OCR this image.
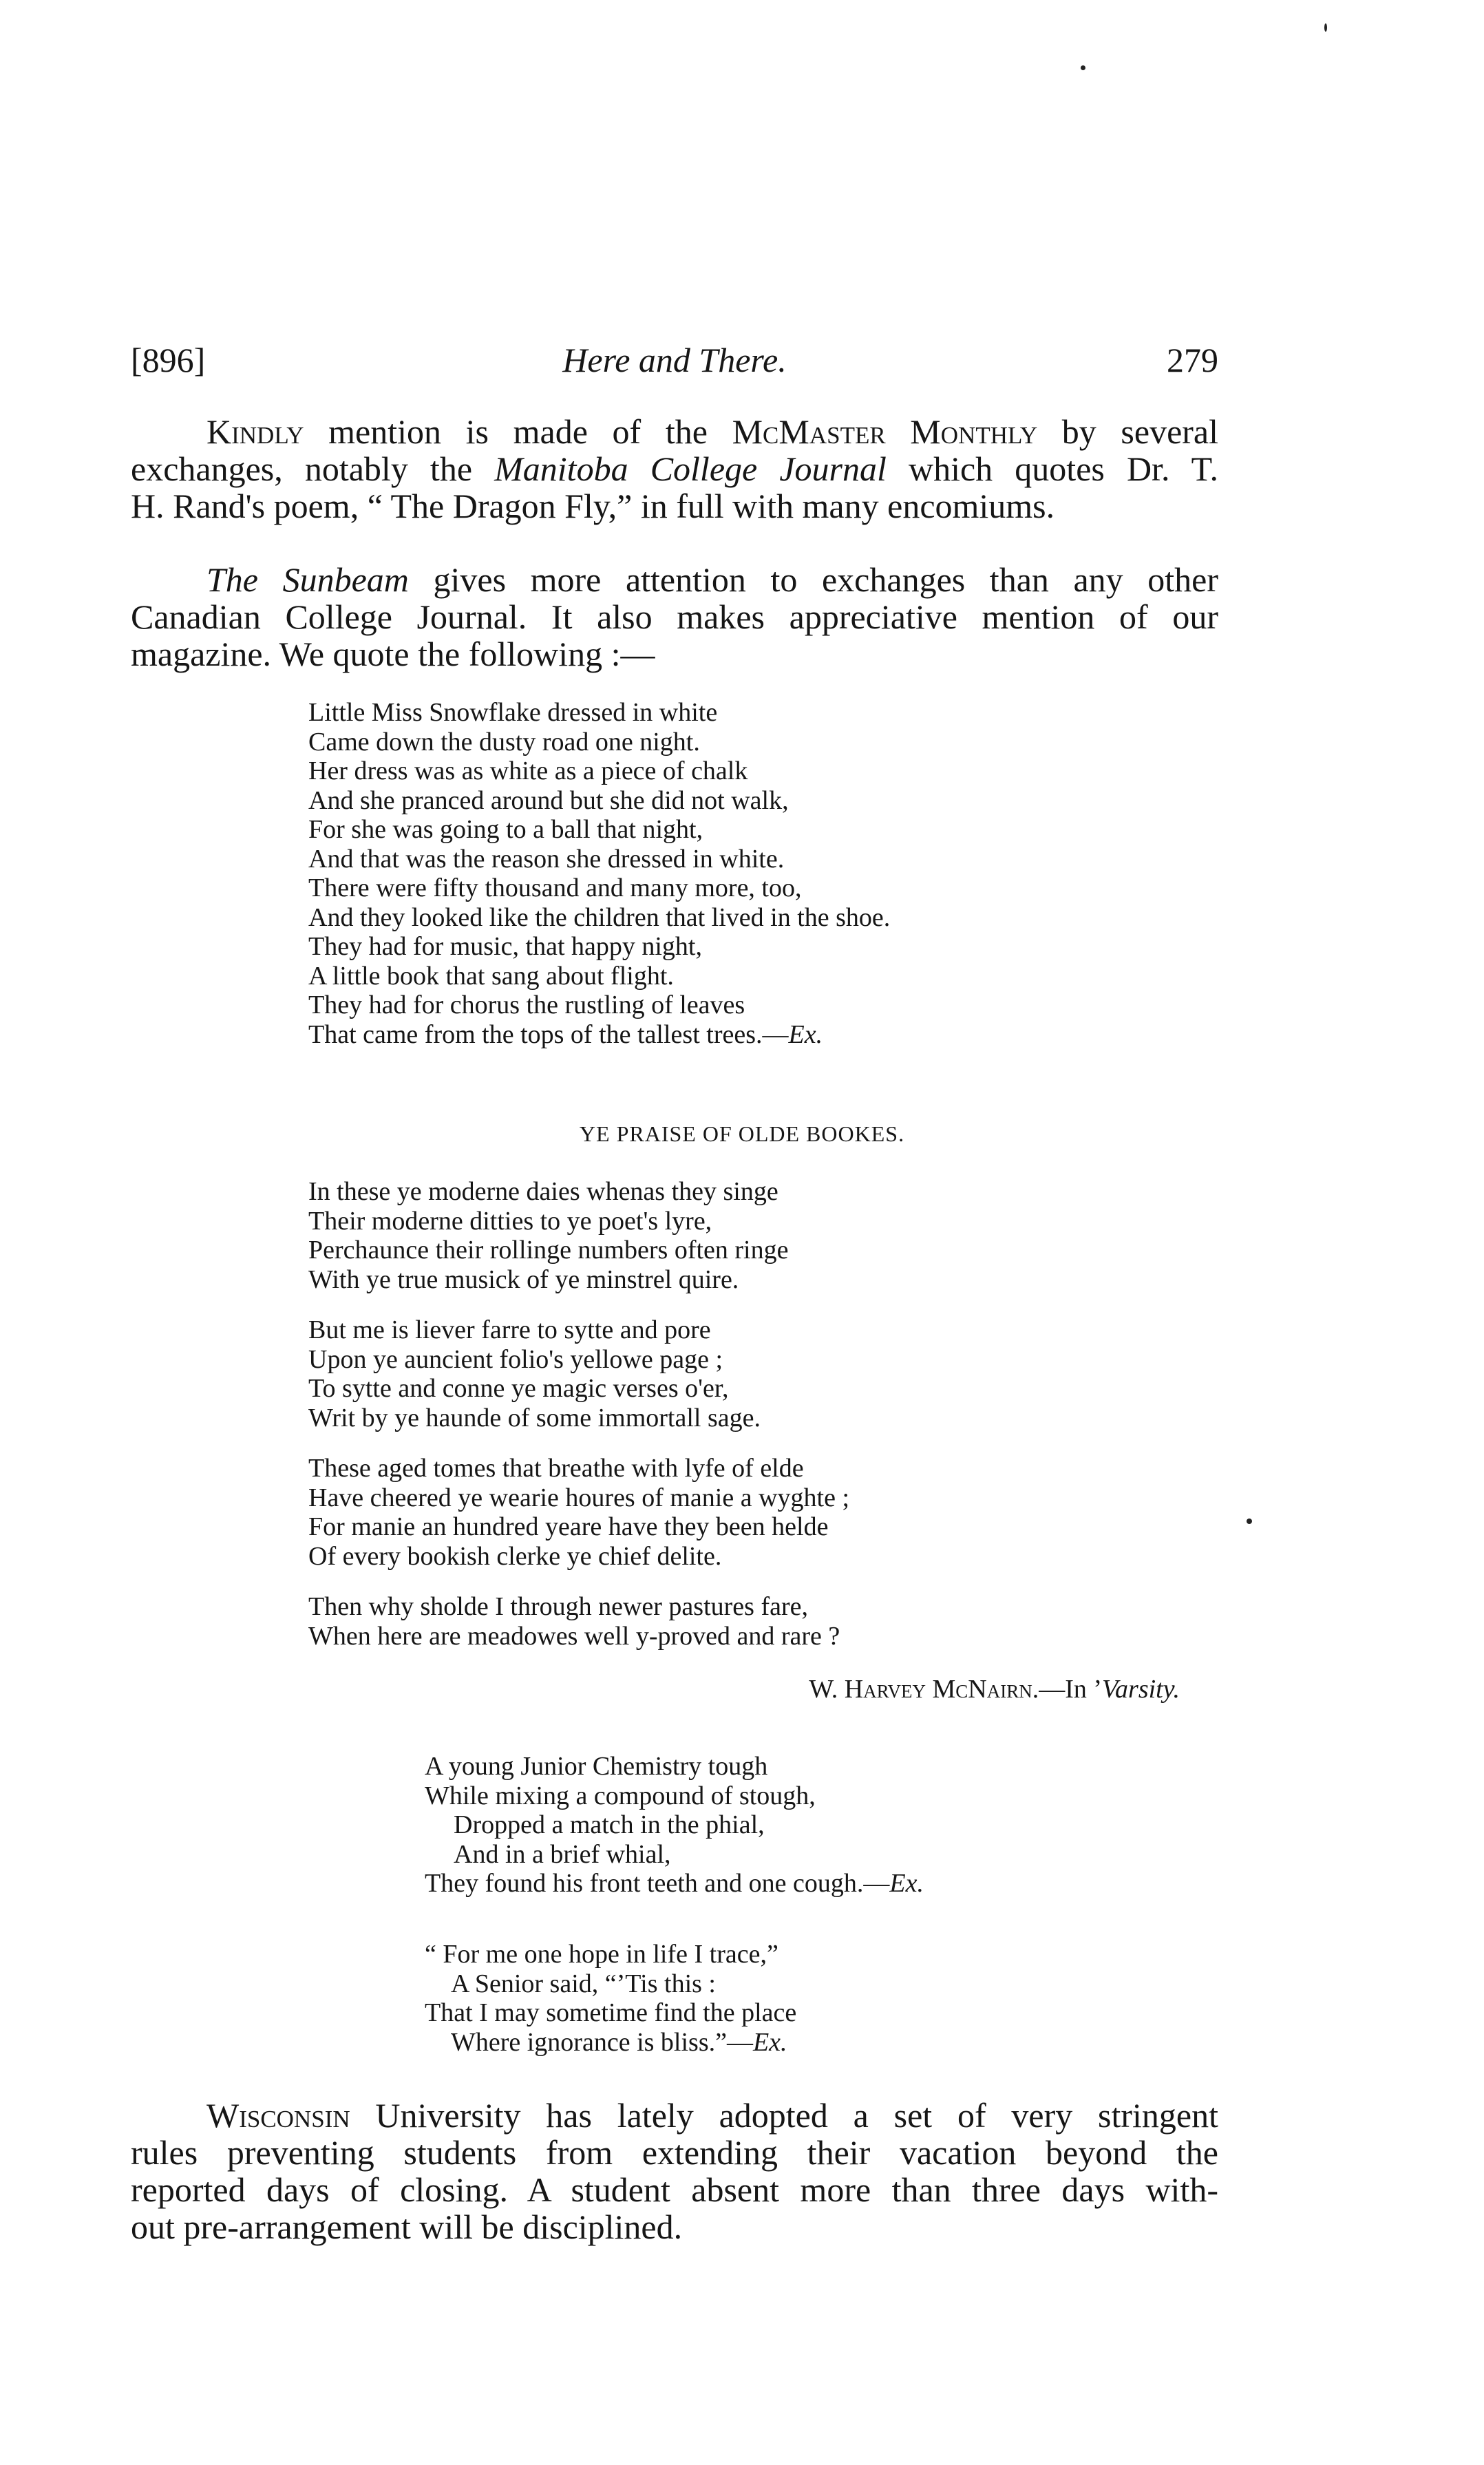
[896]	Here and There.	279
Kindly mention is made of the McMaster Monthly by several
exchanges, notably the Manitoba College Journal which quotes Dr. T.
H. Rand's poem, “ The Dragon Fly,” in full with many encomiums.
The Sunbeam gives more attention to exchanges than any other
Canadian College Journal. It also makes appreciative mention of our
magazine. We quote the following :—
Little Miss Snowflake dressed in white
Came down the dusty road one night.
Her dress was as white as a piece of chalk
And she pranced around but she did not walk,
For she was going to a ball that night,
And that was the reason she dressed in white.
There were fifty thousand and many more, too,
And they looked like the children that lived in the shoe.
They had for music, that happy night,
A little book that sang about flight.
They had for chorus the rustling of leaves
That came from the tops of the tallest trees.—Ex.
YE PRAISE OF OLDE BOOKES.
In these ye moderne daies whenas they singe
Their moderne ditties to ye poet's lyre,
Perchaunce their rollinge numbers often ringe
With ye true musick of ye minstrel quire.
But me is liever farre to sytte and pore
Upon ye auncient folio's yellowe page ;
To sytte and conne ye magic verses o'er,
Writ by ye haunde of some immortall sage.
These aged tomes that breathe with lyfe of elde
Have cheered ye wearie houres of manie a wyghte ;
For manie an hundred yeare have they been helde
Of every bookish clerke ye chief delite.
Then why sholde I through newer pastures fare,
When here are meadowes well y-proved and rare ?
W. Harvey McNairn.—In ’Varsity.
A young Junior Chemistry tough
While mixing a compound of stough,
Dropped a match in the phial,
And in a brief whial,
They found his front teeth and one cough.—Ex.
“ For me one hope in life I trace,”
A Senior said, “’Tis this :
That I may sometime find the place
Where ignorance is bliss.”—Ex.
Wisconsin University has lately adopted a set of very stringent
rules preventing students from extending their vacation beyond the
reported days of closing. A student absent more than three days with-
out pre-arrangement will be disciplined.
